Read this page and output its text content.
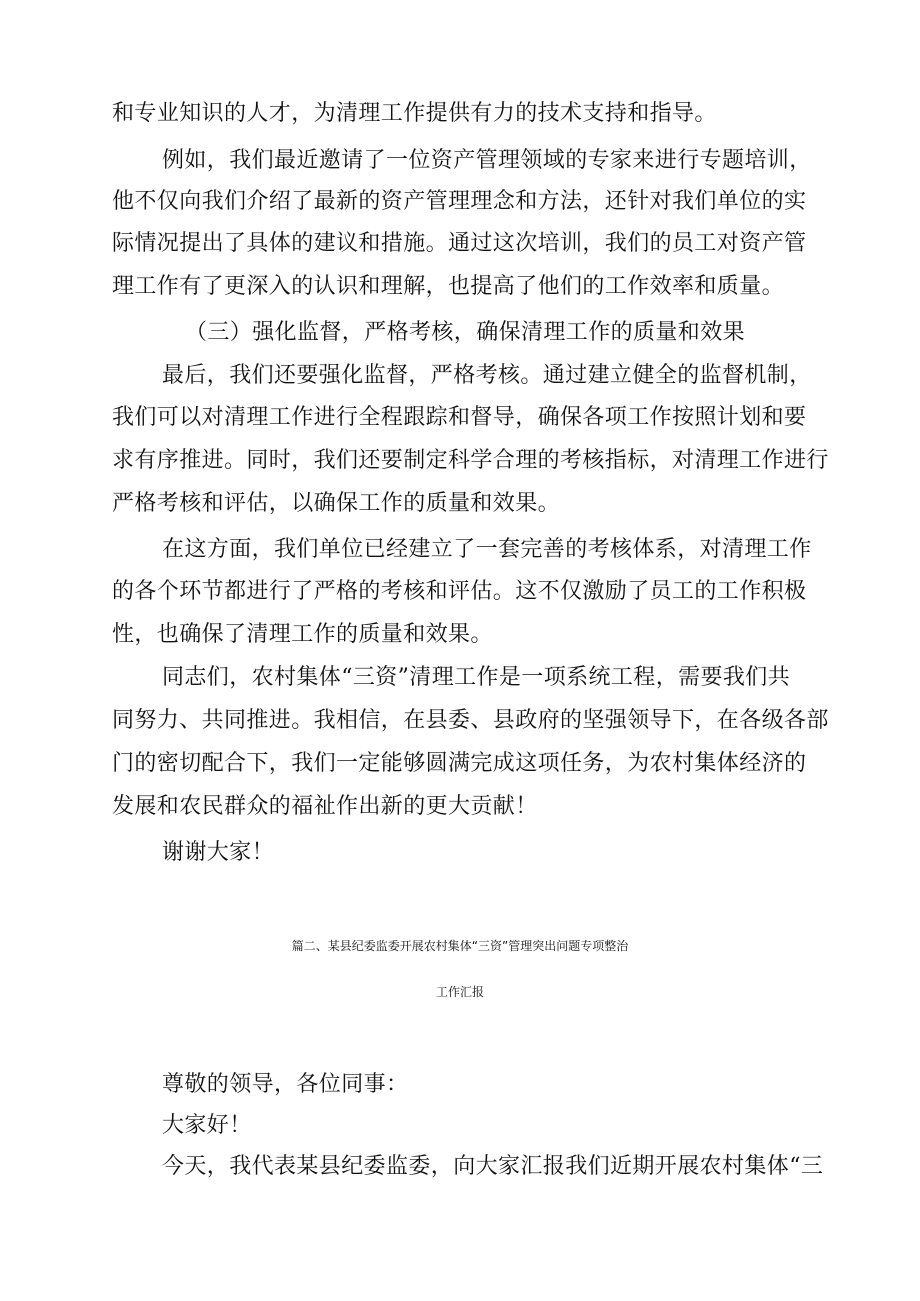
和专业知识的人才，为清理工作提供有力的技术支持和指导。

例如，我们最近邀请了一位资产管理领域的专家来进行专题培训，

他不仅向我们介绍了最新的资产管理理念和方法，还针对我们单位的实

际情况提出了具体的建议和措施。通过这次培训，我们的员工对资产管

理工作有了更深入的认识和理解，也提高了他们的工作效率和质量。

（三）强化监督，严格考核，确保清理工作的质量和效果

最后，我们还要强化监督，严格考核。通过建立健全的监督机制，

我们可以对清理工作进行全程跟踪和督导，确保各项工作按照计划和要

求有序推进。同时，我们还要制定科学合理的考核指标，对清理工作进行

严格考核和评估，以确保工作的质量和效果。

在这方面，我们单位已经建立了一套完善的考核体系，对清理工作

的各个环节都进行了严格的考核和评估。这不仅激励了员工的工作积极

性，也确保了清理工作的质量和效果。

同志们，农村集体“三资”清理工作是一项系统工程，需要我们共

同努力、共同推进。我相信，在县委、县政府的坚强领导下，在各级各部

门的密切配合下，我们一定能够圆满完成这项任务，为农村集体经济的

发展和农民群众的福祉作出新的更大贡献！

谢谢大家！

篇二、某县纪委监委开展农村集体“三资”管理突出问题专项整治
工作汇报

尊敬的领导，各位同事：

大家好！

今天，我代表某县纪委监委，向大家汇报我们近期开展农村集体“三
